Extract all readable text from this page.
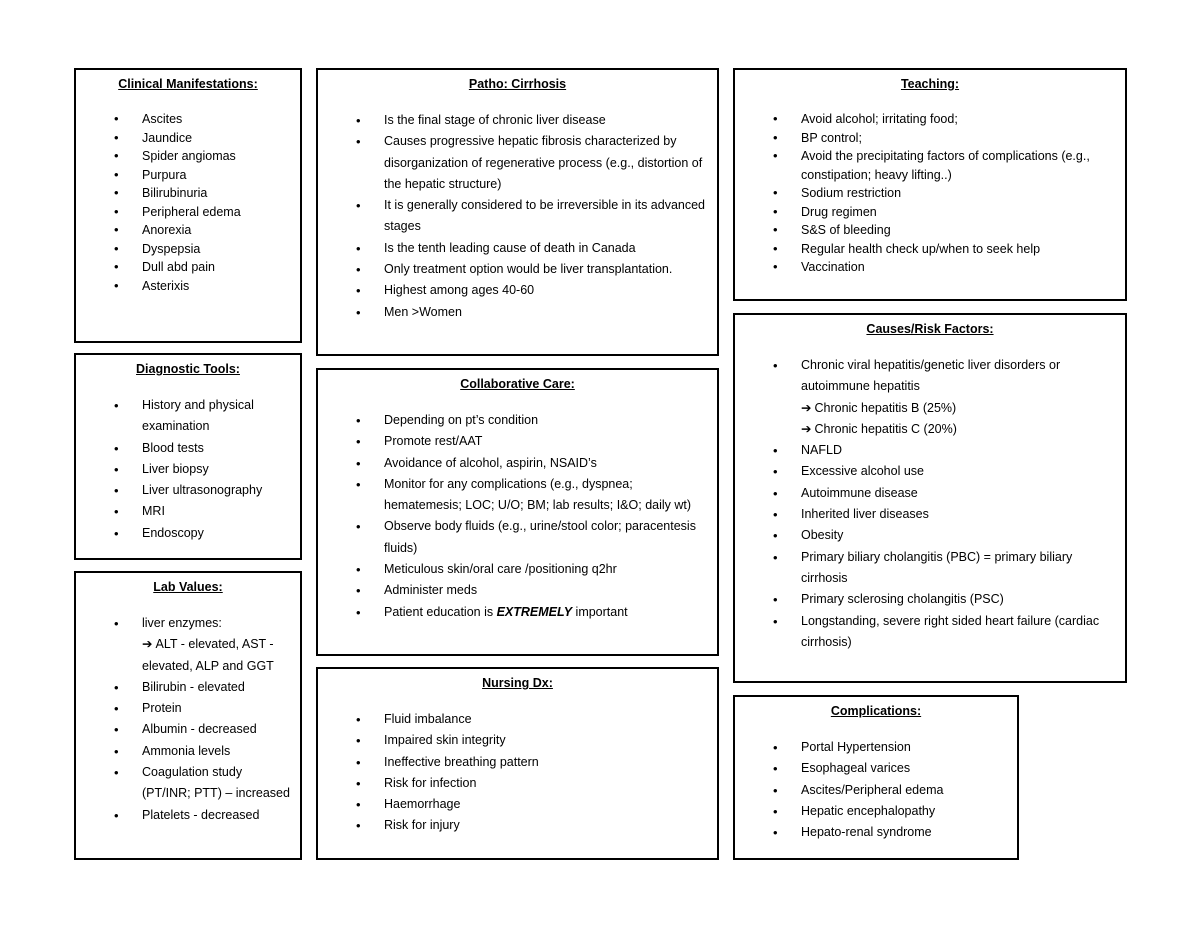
Clinical Manifestations:
• Ascites
• Jaundice
• Spider angiomas
• Purpura
• Bilirubinuria
• Peripheral edema
• Anorexia
• Dyspepsia
• Dull abd pain
• Asterixis
Diagnostic Tools:
• History and physical examination
• Blood tests
• Liver biopsy
• Liver ultrasonography
• MRI
• Endoscopy
Lab Values:
• liver enzymes:
➔ ALT - elevated, AST - elevated, ALP and GGT
• Bilirubin - elevated
• Protein
• Albumin - decreased
• Ammonia levels
• Coagulation study (PT/INR; PTT) – increased
• Platelets - decreased
Patho: Cirrhosis
• Is the final stage of chronic liver disease
• Causes progressive hepatic fibrosis characterized by disorganization of regenerative process (e.g., distortion of the hepatic structure)
• It is generally considered to be irreversible in its advanced stages
• Is the tenth leading cause of death in Canada
• Only treatment option would be liver transplantation.
• Highest among ages 40-60
• Men >Women
Collaborative Care:
• Depending on pt’s condition
• Promote rest/AAT
• Avoidance of alcohol, aspirin, NSAID’s
• Monitor for any complications (e.g., dyspnea; hematemesis; LOC; U/O; BM; lab results; I&O; daily wt)
• Observe body fluids (e.g., urine/stool color; paracentesis fluids)
• Meticulous skin/oral care /positioning q2hr
• Administer meds
• Patient education is EXTREMELY important
Nursing Dx:
• Fluid imbalance
• Impaired skin integrity
• Ineffective breathing pattern
• Risk for infection
• Haemorrhage
• Risk for injury
Teaching:
• Avoid alcohol; irritating food;
• BP control;
• Avoid the precipitating factors of complications (e.g., constipation; heavy lifting..)
• Sodium restriction
• Drug regimen
• S&S of bleeding
• Regular health check up/when to seek help
• Vaccination
Causes/Risk Factors:
• Chronic viral hepatitis/genetic liver disorders or autoimmune hepatitis
➔ Chronic hepatitis B (25%)
➔ Chronic hepatitis C (20%)
• NAFLD
• Excessive alcohol use
• Autoimmune disease
• Inherited liver diseases
• Obesity
• Primary biliary cholangitis (PBC) = primary biliary cirrhosis
• Primary sclerosing cholangitis (PSC)
• Longstanding, severe right sided heart failure (cardiac cirrhosis)
Complications:
• Portal Hypertension
• Esophageal varices
• Ascites/Peripheral edema
• Hepatic encephalopathy
• Hepato-renal syndrome
